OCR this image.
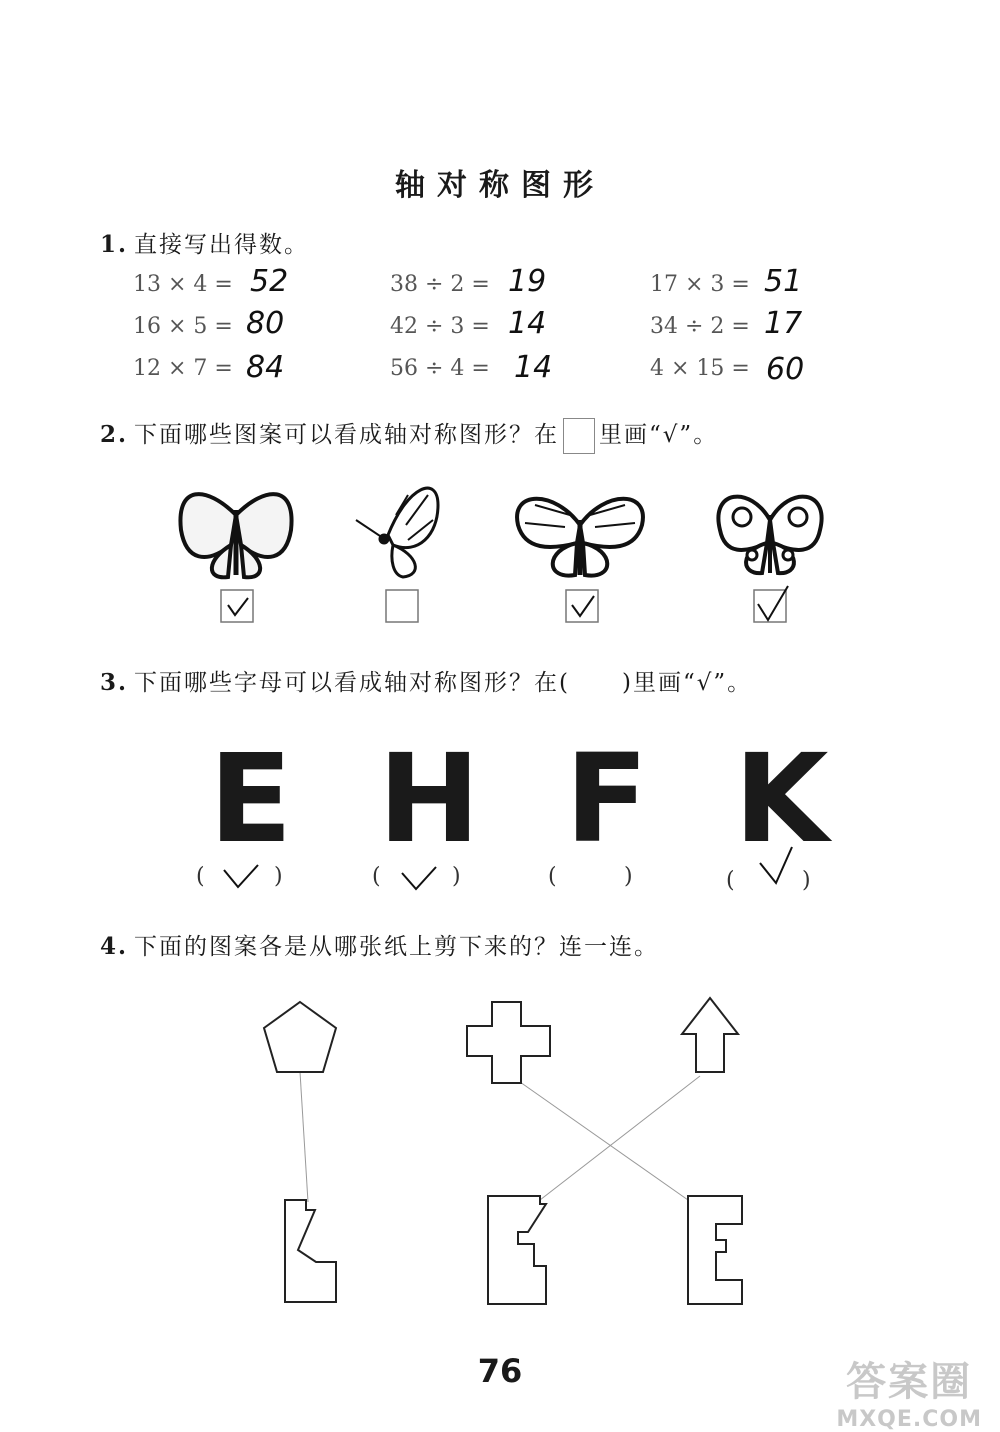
轴对称图形
1. 直接写出得数。
13 × 4 = 52	38 ÷ 2 = 19	17 × 3 = 51
16 × 5 = 80	42 ÷ 3 = 14	34 ÷ 2 = 17
12 × 7 = 84	56 ÷ 4 = 14	4 × 15 = 60
2. 下面哪些图案可以看成轴对称图形？在 里画“√”。
3. 下面哪些字母可以看成轴对称图形？在( )里画“√”。
E H F K
(	)	(	)	(	)	(	)
4. 下面的图案各是从哪张纸上剪下来的？连一连。
76	答案圈
MXQE.COM
